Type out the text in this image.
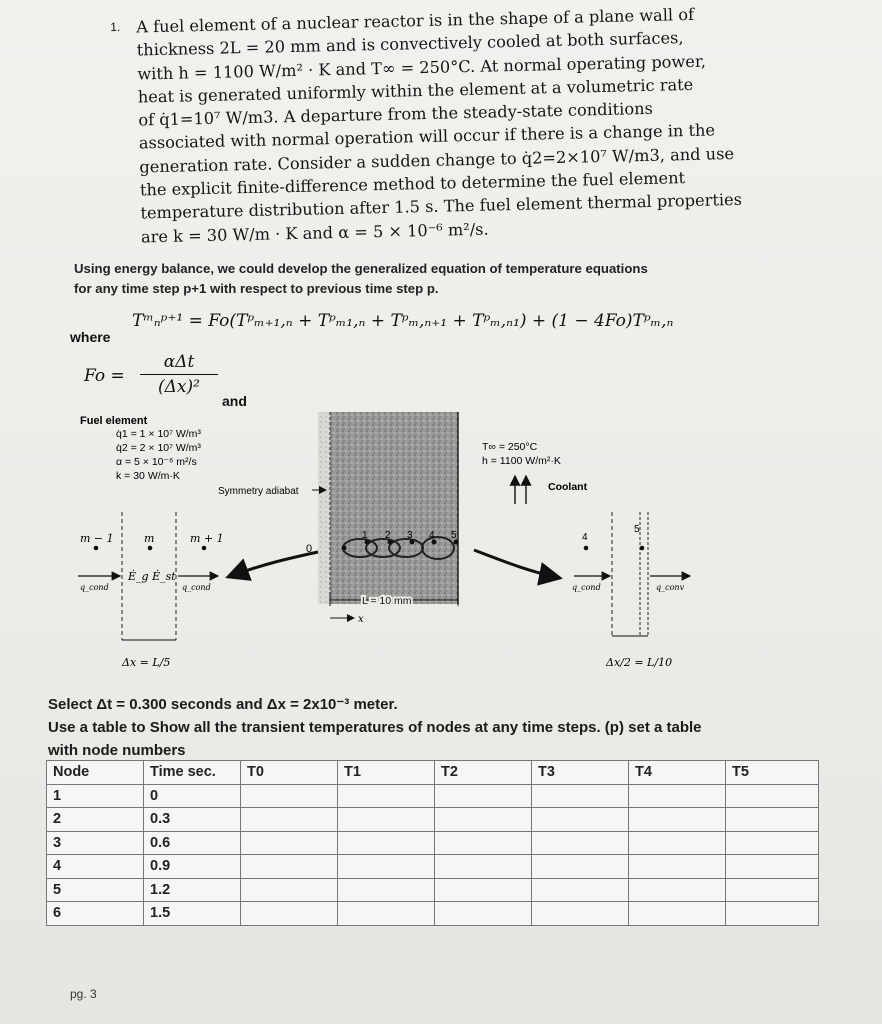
1. A fuel element of a nuclear reactor is in the shape of a plane wall of
thickness 2L = 20 mm and is convectively cooled at both surfaces,
with h = 1100 W/m² · K and T∞ = 250°C. At normal operating power,
heat is generated uniformly within the element at a volumetric rate
of q̇1=10⁷ W/m3. A departure from the steady-state conditions
associated with normal operation will occur if there is a change in the
generation rate. Consider a sudden change to q̇2=2×10⁷ W/m3, and use
the explicit finite-difference method to determine the fuel element
temperature distribution after 1.5 s. The fuel element thermal properties
are k = 30 W/m · K and α = 5 × 10⁻⁶ m²/s.
Using energy balance, we could develop the generalized equation of temperature equations
for any time step p+1 with respect to previous time step p.
Tᵐₙᵖ⁺¹ = Fo(Tᵖₘ₊₁,ₙ + Tᵖₘ₁,ₙ + Tᵖₘ,ₙ₊₁ + Tᵖₘ,ₙ₁) + (1 − 4Fo)Tᵖₘ,ₙ
where
Fo =
αΔt
(Δx)²
and
Fuel element
q̇1 = 1 × 10⁷ W/m³
q̇2 = 2 × 10⁷ W/m³
α = 5 × 10⁻⁶ m²/s
k = 30 W/m·K
0
1 2 3 4 5
Symmetry adiabat
T∞ = 250°C
h = 1100 W/m²·K
Coolant
m − 1	m	m + 1
q_cond	q_cond
Ė_g Ė_st
Δx = L/5
L = 10 mm
x
4
5
q_cond	q_conv
Δx/2 = L/10
Select Δt = 0.300 seconds and Δx = 2x10⁻³ meter.
Use a table to Show all the transient temperatures of nodes at any time steps. (p) set a table
with node numbers
Node	Time sec.	T0	T1	T2	T3	T4	T5
1	0						
2	0.3						
3	0.6						
4	0.9						
5	1.2						
6	1.5						
pg. 3
